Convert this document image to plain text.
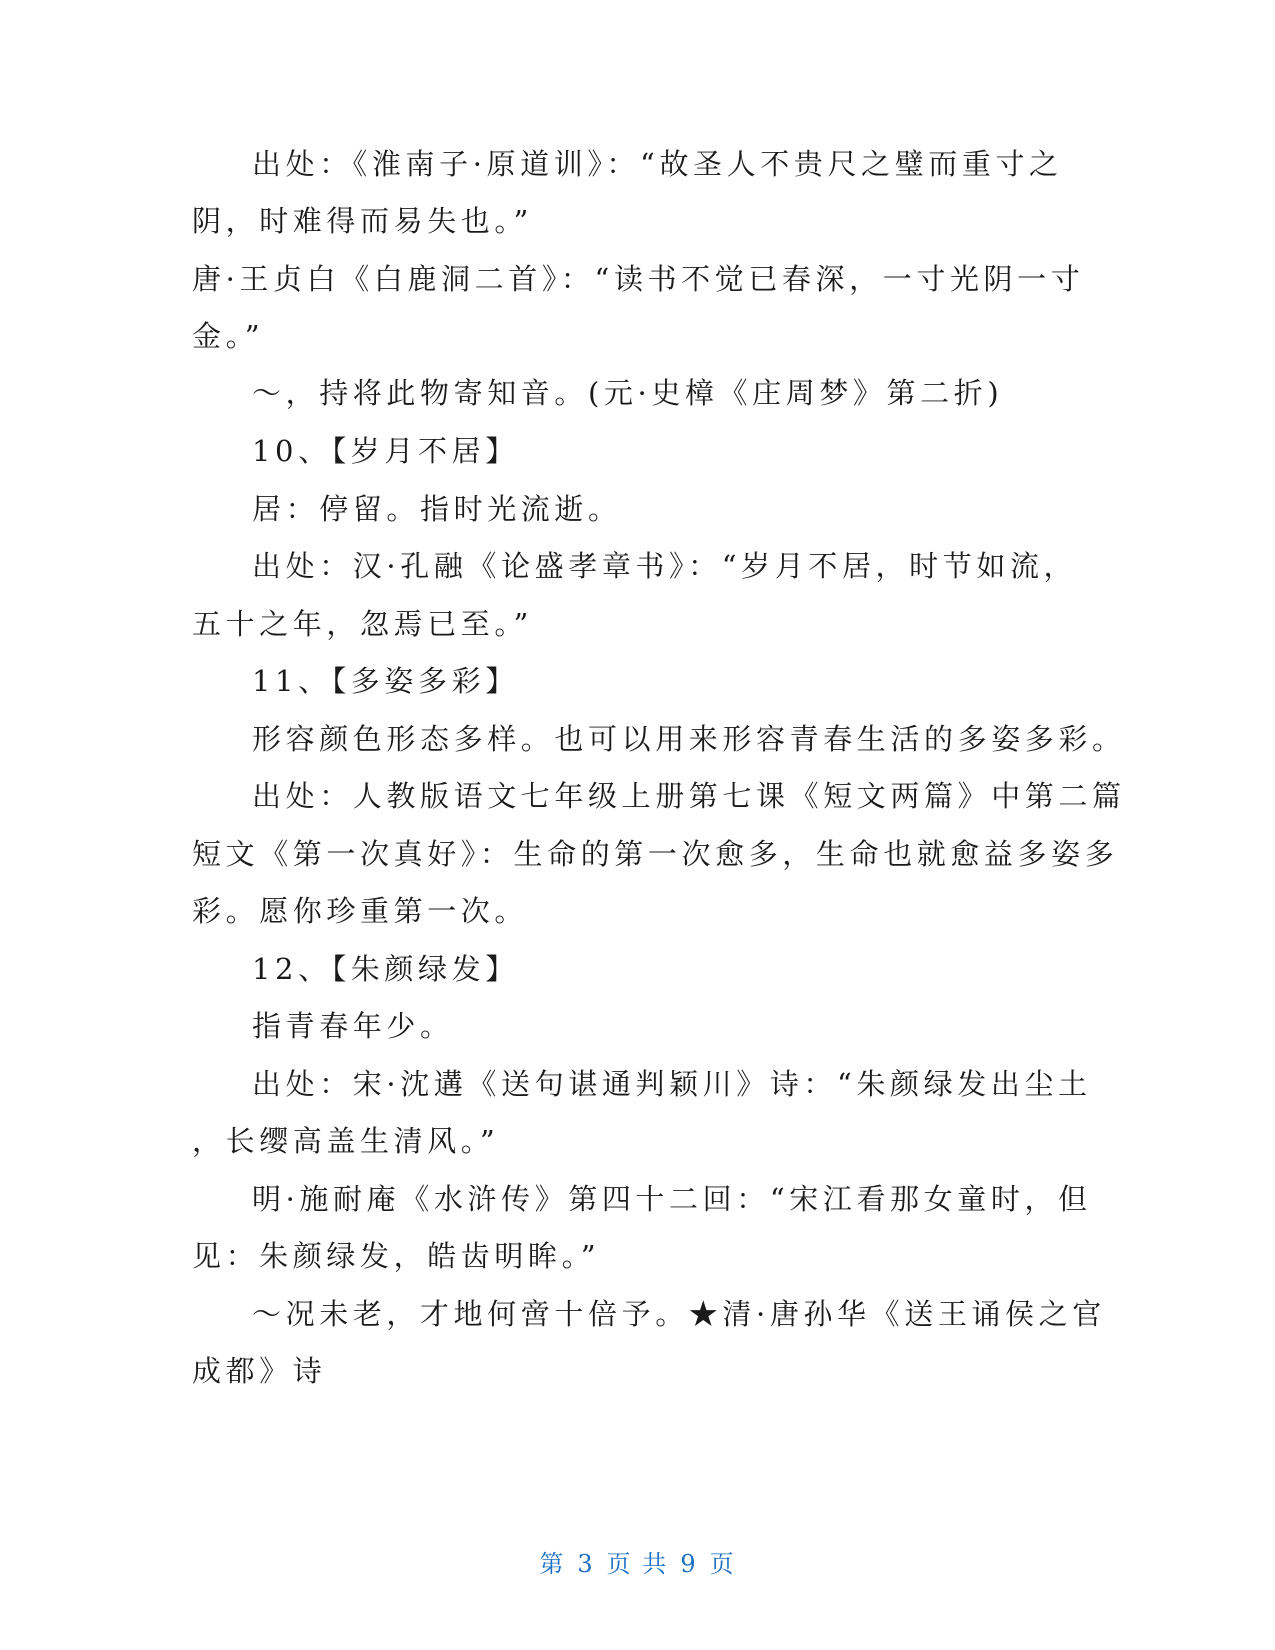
出处：《淮南子·原道训》：“故圣人不贵尺之璧而重寸之
阴，时难得而易失也。”
唐·王贞白《白鹿洞二首》：“读书不觉已春深，一寸光阴一寸
金。”
～，持将此物寄知音。(元·史樟《庄周梦》第二折)
10、【岁月不居】
居：停留。指时光流逝。
出处：汉·孔融《论盛孝章书》：“岁月不居，时节如流，
五十之年，忽焉已至。”
11、【多姿多彩】
形容颜色形态多样。也可以用来形容青春生活的多姿多彩。
出处：人教版语文七年级上册第七课《短文两篇》中第二篇
短文《第一次真好》：生命的第一次愈多，生命也就愈益多姿多
彩。愿你珍重第一次。
12、【朱颜绿发】
指青春年少。
出处：宋·沈遘《送句谌通判颖川》诗：“朱颜绿发出尘土
，长缨高盖生清风。”
明·施耐庵《水浒传》第四十二回：“宋江看那女童时，但
见：朱颜绿发，皓齿明眸。”
～况未老，才地何啻十倍予。★清·唐孙华《送王诵侯之官
成都》诗
第 3 页 共 9 页
